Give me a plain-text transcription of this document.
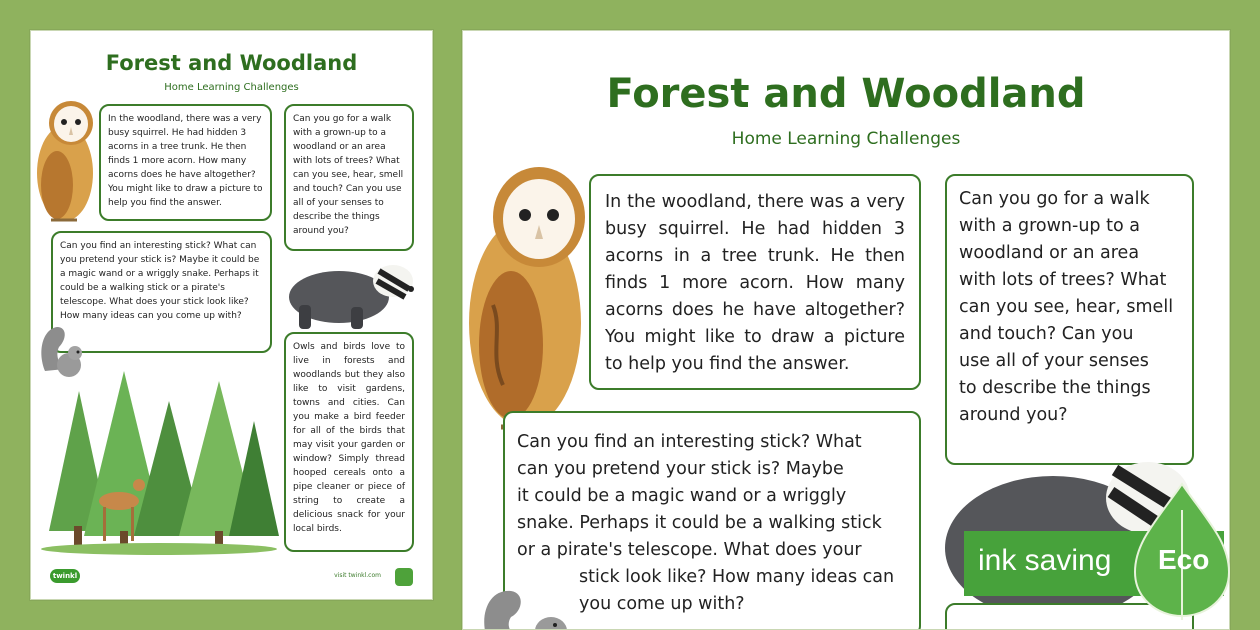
Forest and Woodland
Home Learning Challenges
In the woodland, there was a very busy squirrel. He had hidden 3 acorns in a tree trunk. He then finds 1 more acorn. How many acorns does he have altogether? You might like to draw a picture to help you find the answer.
Can you go for a walk with a grown-up to a woodland or an area with lots of trees? What can you see, hear, smell and touch? Can you use all of your senses to describe the things around you?
Can you find an interesting stick? What can you pretend your stick is? Maybe it could be a magic wand or a wriggly snake. Perhaps it could be a walking stick or a pirate's telescope. What does your stick look like? How many ideas can you come up with?
Owls and birds love to live in forests and woodlands but they also like to visit gardens, towns and cities. Can you make a bird feeder for all of the birds that may visit your garden or window? Simply thread hooped cereals onto a pipe cleaner or piece of string to create a delicious snack for your local birds.
twinkl	visit twinkl.com
Forest and Woodland
Home Learning Challenges
In the woodland, there was a very busy squirrel. He had hidden 3 acorns in a tree trunk. He then finds 1 more acorn. How many acorns does he have altogether? You might like to draw a picture to help you find the answer.
Can you go for a walk
with a grown-up to a
woodland or an area
with lots of trees? What
can you see, hear, smell
and touch? Can you
use all of your senses
to describe the things
around you?
Can you find an interesting stick? What
can you pretend your stick is? Maybe
it could be a magic wand or a wriggly
snake. Perhaps it could be a walking stick
or a pirate's telescope. What does your
stick look like? How many ideas can
you come up with?
ink saving Eco
